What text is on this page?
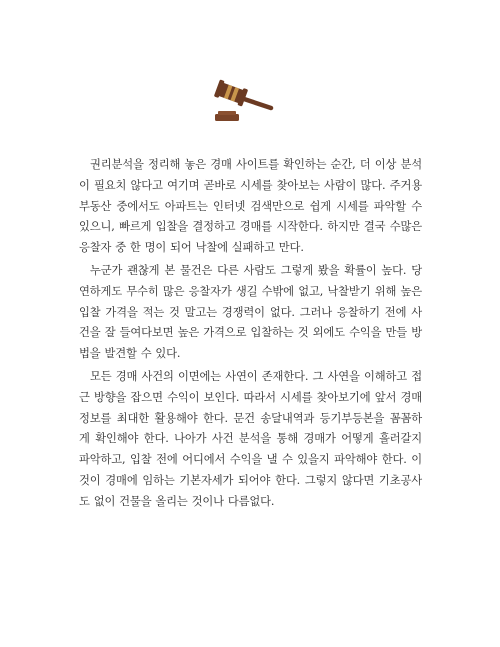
권리분석을 정리해 놓은 경매 사이트를 확인하는 순간, 더 이상 분석이 필요치 않다고 여기며 곧바로 시세를 찾아보는 사람이 많다. 주거용 부동산 중에서도 아파트는 인터넷 검색만으로 쉽게 시세를 파악할 수 있으니, 빠르게 입찰을 결정하고 경매를 시작한다. 하지만 결국 수많은 응찰자 중 한 명이 되어 낙찰에 실패하고 만다.

누군가 괜찮게 본 물건은 다른 사람도 그렇게 봤을 확률이 높다. 당연하게도 무수히 많은 응찰자가 생길 수밖에 없고, 낙찰받기 위해 높은 입찰 가격을 적는 것 말고는 경쟁력이 없다. 그러나 응찰하기 전에 사건을 잘 들여다보면 높은 가격으로 입찰하는 것 외에도 수익을 만들 방법을 발견할 수 있다.

모든 경매 사건의 이면에는 사연이 존재한다. 그 사연을 이해하고 접근 방향을 잡으면 수익이 보인다. 따라서 시세를 찾아보기에 앞서 경매 정보를 최대한 활용해야 한다. 문건 송달내역과 등기부등본을 꼼꼼하게 확인해야 한다. 나아가 사건 분석을 통해 경매가 어떻게 흘러갈지 파악하고, 입찰 전에 어디에서 수익을 낼 수 있을지 파악해야 한다. 이것이 경매에 임하는 기본자세가 되어야 한다. 그렇지 않다면 기초공사도 없이 건물을 올리는 것이나 다름없다.
